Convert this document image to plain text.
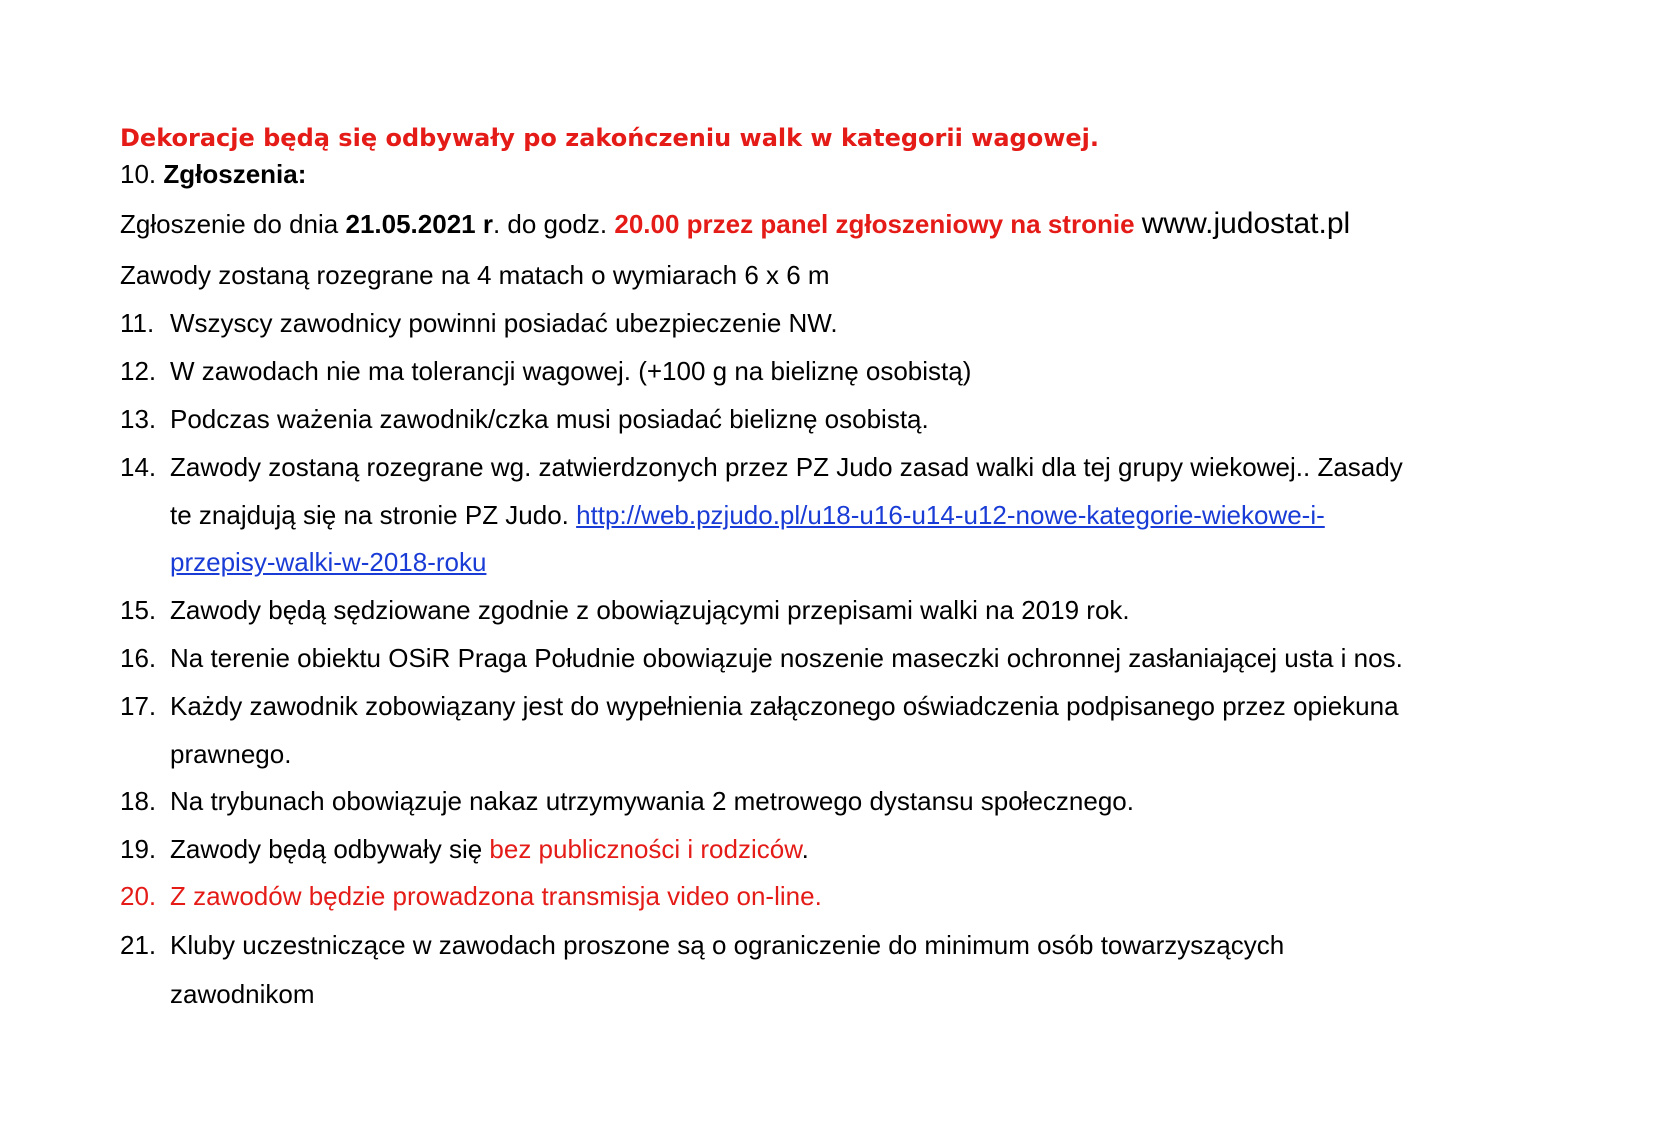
Dekoracje będą się odbywały po zakończeniu walk w kategorii wagowej.
10. Zgłoszenia:
Zgłoszenie do dnia 21.05.2021 r. do godz. 20.00 przez panel zgłoszeniowy na stronie www.judostat.pl
Zawody zostaną rozegrane na 4 matach o wymiarach 6 x 6 m
11. Wszyscy zawodnicy powinni posiadać ubezpieczenie NW.
12. W zawodach nie ma tolerancji wagowej. (+100 g na bieliznę osobistą)
13. Podczas ważenia zawodnik/czka musi posiadać bieliznę osobistą.
14. Zawody zostaną rozegrane wg. zatwierdzonych przez PZ Judo zasad walki dla tej grupy wiekowej.. Zasady
te znajdują się na stronie PZ Judo. http://web.pzjudo.pl/u18-u16-u14-u12-nowe-kategorie-wiekowe-i-
przepisy-walki-w-2018-roku
15. Zawody będą sędziowane zgodnie z obowiązującymi przepisami walki na 2019 rok.
16. Na terenie obiektu OSiR Praga Południe obowiązuje noszenie maseczki ochronnej zasłaniającej usta i nos.
17. Każdy zawodnik zobowiązany jest do wypełnienia załączonego oświadczenia podpisanego przez opiekuna
prawnego.
18. Na trybunach obowiązuje nakaz utrzymywania 2 metrowego dystansu społecznego.
19. Zawody będą odbywały się bez publiczności i rodziców.
20. Z zawodów będzie prowadzona transmisja video on-line.
21. Kluby uczestniczące w zawodach proszone są o ograniczenie do minimum osób towarzyszących
zawodnikom
